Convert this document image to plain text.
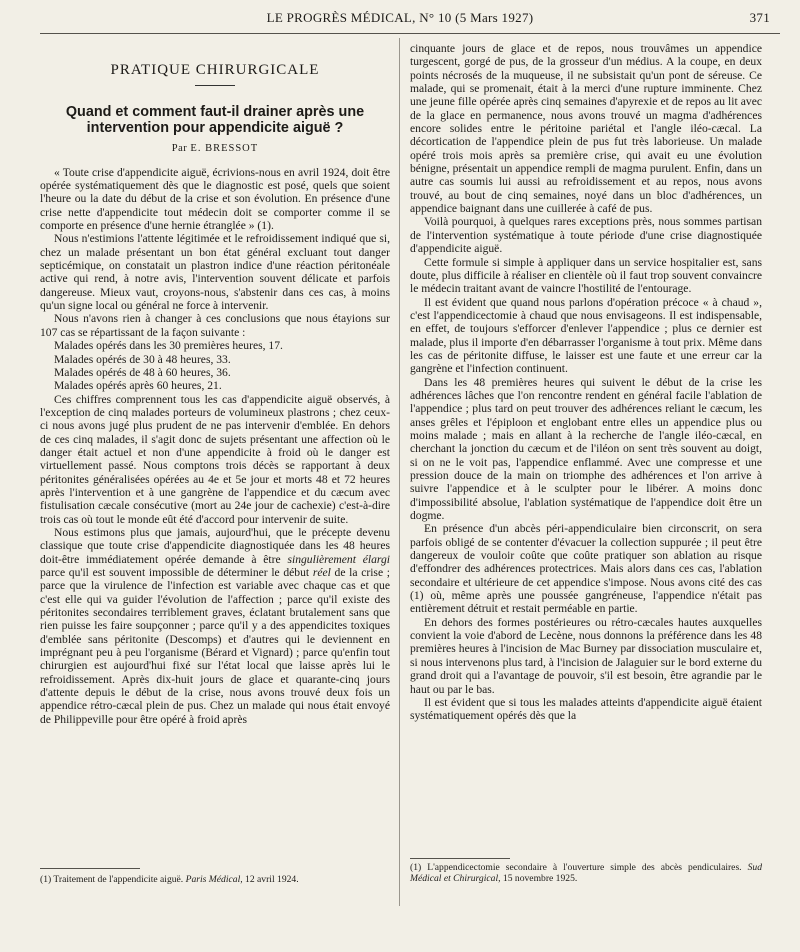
LE PROGRÈS MÉDICAL, N° 10 (5 Mars 1927)	371
PRATIQUE CHIRURGICALE
Quand et comment faut-il drainer après une intervention pour appendicite aiguë ?
Par E. BRESSOT

« Toute crise d'appendicite aiguë, écrivions-nous en avril 1924, doit être opérée systématiquement dès que le diagnostic est posé, quels que soient l'heure ou la date du début de la crise et son évolution. En présence d'une crise nette d'appendicite tout médecin doit se comporter comme il se comporte en présence d'une hernie étranglée » (1).

Nous n'estimions l'attente légitimée et le refroidissement indiqué que si, chez un malade présentant un bon état général excluant tout danger septicémique, on constatait un plastron indice d'une réaction péritonéale active qui rend, à notre avis, l'intervention souvent délicate et parfois dangereuse. Mieux vaut, croyons-nous, s'abstenir dans ces cas, à moins qu'un signe local ou général ne force à intervenir.

Nous n'avons rien à changer à ces conclusions que nous étayions sur 107 cas se répartissant de la façon suivante :

Malades opérés dans les 30 premières heures, 17.
Malades opérés de 30 à 48 heures, 33.
Malades opérés de 48 à 60 heures, 36.
Malades opérés après 60 heures, 21.

Ces chiffres comprennent tous les cas d'appendicite aiguë observés, à l'exception de cinq malades porteurs de volumineux plastrons ; chez ceux-ci nous avons jugé plus prudent de ne pas intervenir d'emblée. En dehors de ces cinq malades, il s'agit donc de sujets présentant une affection où le danger était actuel et non d'une appendicite à froid où le danger est virtuellement passé. Nous comptons trois décès se rapportant à deux péritonites généralisées opérées au 4e et 5e jour et morts 48 et 72 heures après l'intervention et à une gangrène de l'appendice et du cæcum avec fistulisation cæcale consécutive (mort au 24e jour de cachexie) c'est-à-dire trois cas où tout le monde eût été d'accord pour intervenir de suite.

Nous estimons plus que jamais, aujourd'hui, que le précepte devenu classique que toute crise d'appendicite diagnostiquée dans les 48 heures doit-être immédiatement opérée demande à être singulièrement élargi parce qu'il est souvent impossible de déterminer le début réel de la crise ; parce que la virulence de l'infection est variable avec chaque cas et que c'est elle qui va guider l'évolution de l'affection ; parce qu'il existe des péritonites secondaires terriblement graves, éclatant brutalement sans que rien puisse les faire soupçonner ; parce qu'il y a des appendicites toxiques d'emblée sans péritonite (Descomps) et d'autres qui le deviennent en imprégnant peu à peu l'organisme (Bérard et Vignard) ; parce qu'enfin tout chirurgien est aujourd'hui fixé sur l'état local que laisse après lui le refroidissement. Après dix-huit jours de glace et quarante-cinq jours d'attente depuis le début de la crise, nous avons trouvé deux fois un appendice rétro-cæcal plein de pus. Chez un malade qui nous était envoyé de Philippeville pour être opéré à froid après

cinquante jours de glace et de repos, nous trouvâmes un appendice turgescent, gorgé de pus, de la grosseur d'un médius. A la coupe, en deux points nécrosés de la muqueuse, il ne subsistait qu'un pont de séreuse. Ce malade, qui se promenait, était à la merci d'une rupture imminente. Chez une jeune fille opérée après cinq semaines d'apyrexie et de repos au lit avec de la glace en permanence, nous avons trouvé un magma d'adhérences encore solides entre le péritoine pariétal et l'angle iléo-cæcal. La décortication de l'appendice plein de pus fut très laborieuse. Un malade opéré trois mois après sa première crise, qui avait eu une évolution bénigne, présentait un appendice rempli de magma purulent. Enfin, dans un autre cas soumis lui aussi au refroidissement et au repos, nous avons trouvé, au bout de cinq semaines, noyé dans un bloc d'adhérences, un appendice baignant dans une cuillerée à café de pus.

Voilà pourquoi, à quelques rares exceptions près, nous sommes partisan de l'intervention systématique à toute période d'une crise diagnostiquée d'appendicite aiguë.

Cette formule si simple à appliquer dans un service hospitalier est, sans doute, plus difficile à réaliser en clientèle où il faut trop souvent convaincre le médecin traitant avant de vaincre l'hostilité de l'entourage.

Il est évident que quand nous parlons d'opération précoce « à chaud », c'est l'appendicectomie à chaud que nous envisageons. Il est indispensable, en effet, de toujours s'efforcer d'enlever l'appendice ; plus ce dernier est malade, plus il importe d'en débarrasser l'organisme à tout prix. Même dans les cas de péritonite diffuse, le laisser est une faute et une erreur car la gangrène et l'infection continuent.

Dans les 48 premières heures qui suivent le début de la crise les adhérences lâches que l'on rencontre rendent en général facile l'ablation de l'appendice ; plus tard on peut trouver des adhérences reliant le cæcum, les anses grêles et l'épiploon et englobant entre elles un appendice plus ou moins malade ; mais en allant à la recherche de l'angle iléo-cæcal, en cherchant la jonction du cæcum et de l'iléon on sent très souvent au doigt, si on ne le voit pas, l'appendice enflammé. Avec une compresse et une pression douce de la main on triomphe des adhérences et l'on arrive à suivre l'appendice et à le sculpter pour le libérer. A moins donc d'impossibilité absolue, l'ablation systématique de l'appendice doit être un dogme.

En présence d'un abcès péri-appendiculaire bien circonscrit, on sera parfois obligé de se contenter d'évacuer la collection suppurée ; il peut être dangereux de vouloir coûte que coûte pratiquer son ablation au risque d'effondrer des adhérences protectrices. Mais alors dans ces cas, l'ablation secondaire et ultérieure de cet appendice s'impose. Nous avons cité des cas (1) où, même après une poussée gangréneuse, l'appendice n'était pas entièrement détruit et restait perméable en partie.

En dehors des formes postérieures ou rétro-cæcales hautes auxquelles convient la voie d'abord de Lecène, nous donnons la préférence dans les 48 premières heures à l'incision de Mac Burney par dissociation musculaire et, si nous intervenons plus tard, à l'incision de Jalaguier sur le bord externe du grand droit qui a l'avantage de pouvoir, s'il est besoin, être agrandie par le haut ou par le bas.

Il est évident que si tous les malades atteints d'appendicite aiguë étaient systématiquement opérés dès que la

(1) Traitement de l'appendicite aiguë. Paris Médical, 12 avril 1924.
(1) L'appendicectomie secondaire à l'ouverture simple des abcès pendiculaires. Sud Médical et Chirurgical, 15 novembre 1925.
